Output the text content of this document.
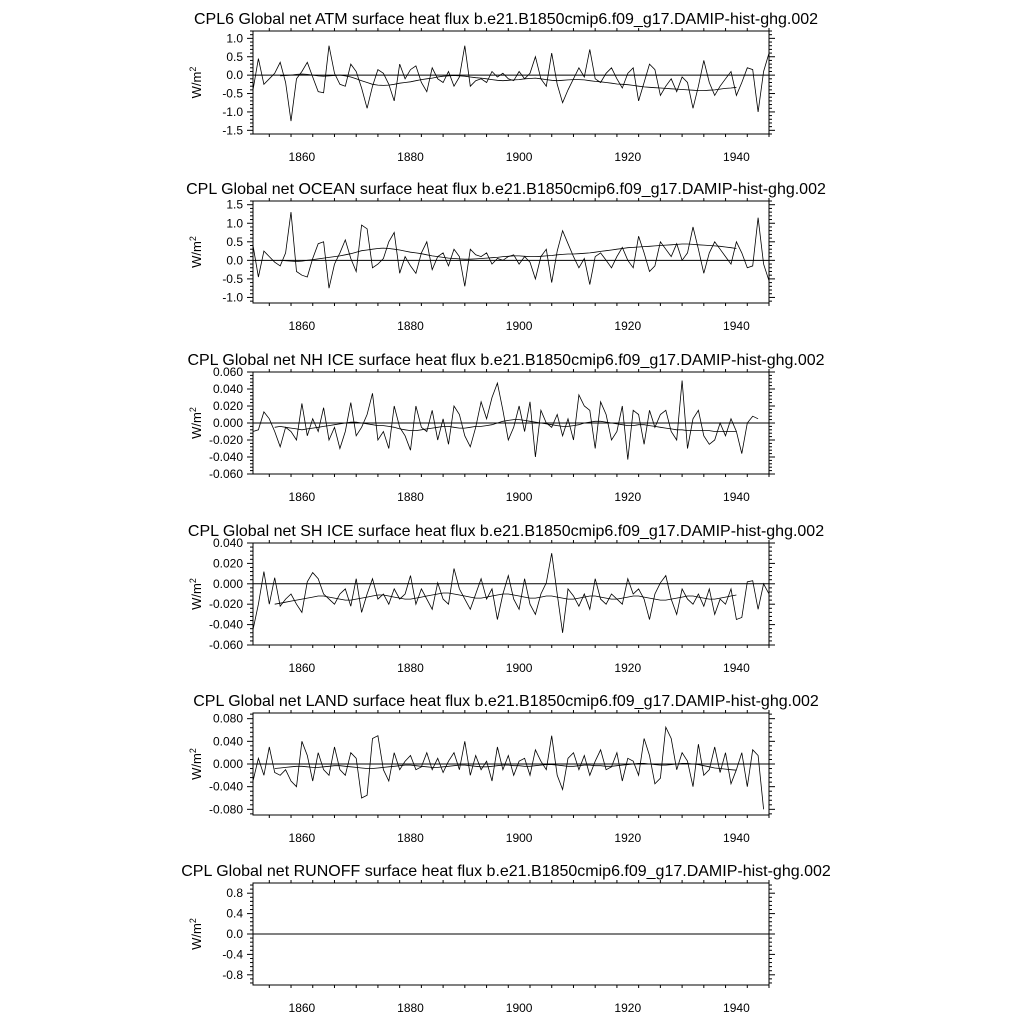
CPL6 Global net ATM surface heat flux b.e21.B1850cmip6.f09_g17.DAMIP-hist-ghg.002
1860	1880	1900	1920	1940
-1.5
-1.0
-0.5
0.0
0.5
1.0
$W/m^2$
CPL Global net OCEAN surface heat flux b.e21.B1850cmip6.f09_g17.DAMIP-hist-ghg.002
1860	1880	1900	1920	1940
-1.0
-0.5
0.0
0.5
1.0
1.5
$W/m^2$
CPL Global net NH ICE surface heat flux b.e21.B1850cmip6.f09_g17.DAMIP-hist-ghg.002
1860	1880	1900	1920	1940
-0.060
-0.040
-0.020
0.000
0.020
0.040
0.060
$W/m^2$
CPL Global net SH ICE surface heat flux b.e21.B1850cmip6.f09_g17.DAMIP-hist-ghg.002
1860	1880	1900	1920	1940
-0.060
-0.040
-0.020
0.000
0.020
0.040
$W/m^2$
CPL Global net LAND surface heat flux b.e21.B1850cmip6.f09_g17.DAMIP-hist-ghg.002
1860	1880	1900	1920	1940
-0.080
-0.040
0.000
0.040
0.080
$W/m^2$
CPL Global net RUNOFF surface heat flux b.e21.B1850cmip6.f09_g17.DAMIP-hist-ghg.002
1860	1880	1900	1920	1940
-0.8
-0.4
0.0
0.4
0.8
$W/m^2$
